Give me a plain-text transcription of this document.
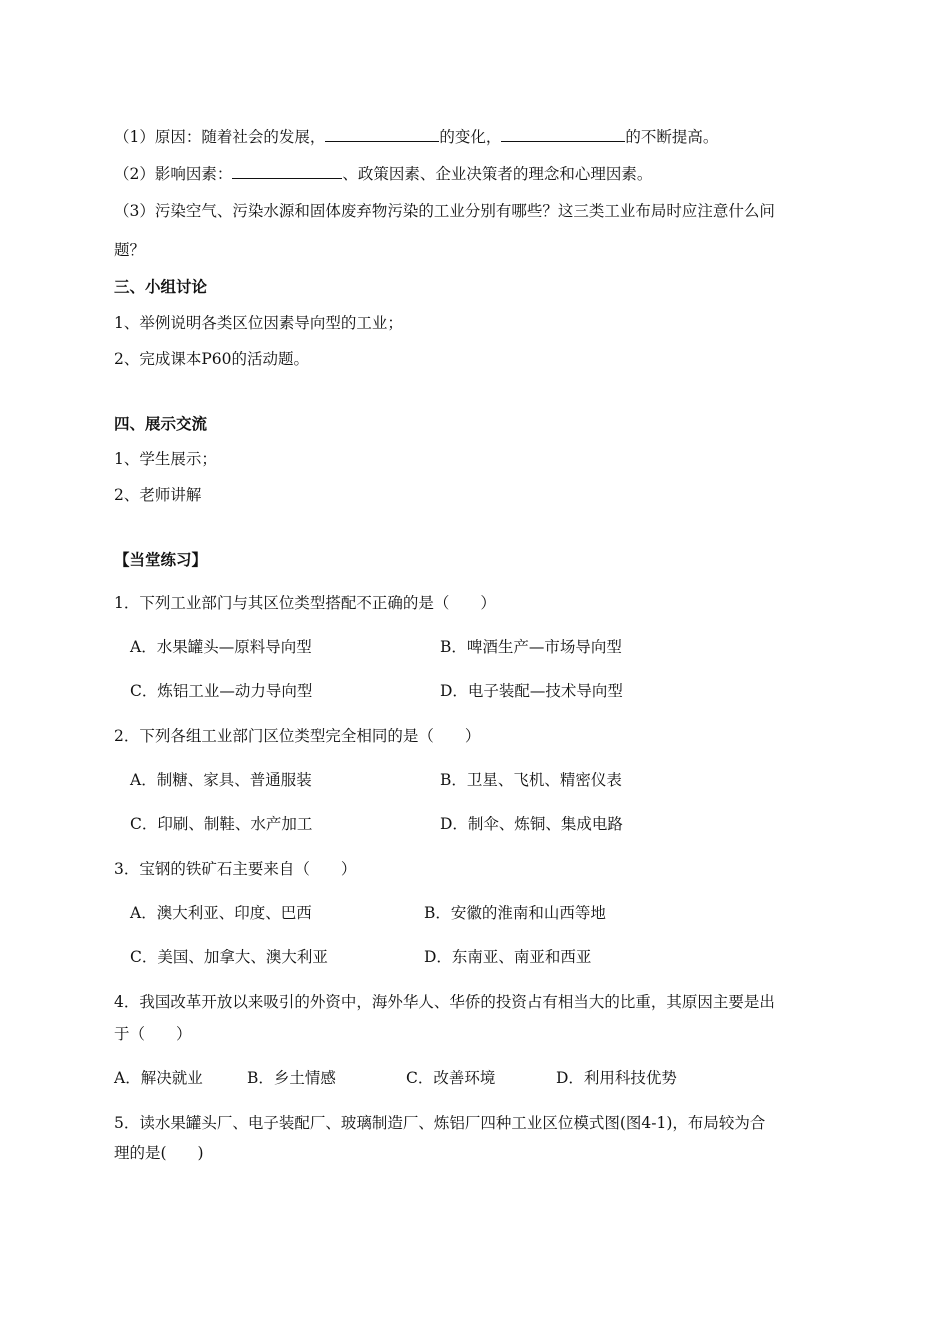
（1）原因：随着社会的发展，	的变化，	的不断提高。
（2）影响因素：	、政策因素、企业决策者的理念和心理因素。
（3）污染空气、污染水源和固体废弃物污染的工业分别有哪些？这三类工业布局时应注意什么问
题？
三、小组讨论
1、举例说明各类区位因素导向型的工业；
2、完成课本P60的活动题。
四、展示交流
1、学生展示；
2、老师讲解
【当堂练习】
1．下列工业部门与其区位类型搭配不正确的是（　　）
A．水果罐头—原料导向型	B．啤酒生产—市场导向型
C．炼铝工业—动力导向型	D．电子装配—技术导向型
2．下列各组工业部门区位类型完全相同的是（　　）
A．制糖、家具、普通服装	B．卫星、飞机、精密仪表
C．印刷、制鞋、水产加工	D．制伞、炼铜、集成电路
3．宝钢的铁矿石主要来自（　　）
A．澳大利亚、印度、巴西	B．安徽的淮南和山西等地
C．美国、加拿大、澳大利亚	D．东南亚、南亚和西亚
4．我国改革开放以来吸引的外资中，海外华人、华侨的投资占有相当大的比重，其原因主要是出
于（　　）
A．解决就业	B．乡土情感	C．改善环境	D．利用科技优势
5．读水果罐头厂、电子装配厂、玻璃制造厂、炼铝厂四种工业区位模式图(图4-1)，布局较为合
理的是(　　)
